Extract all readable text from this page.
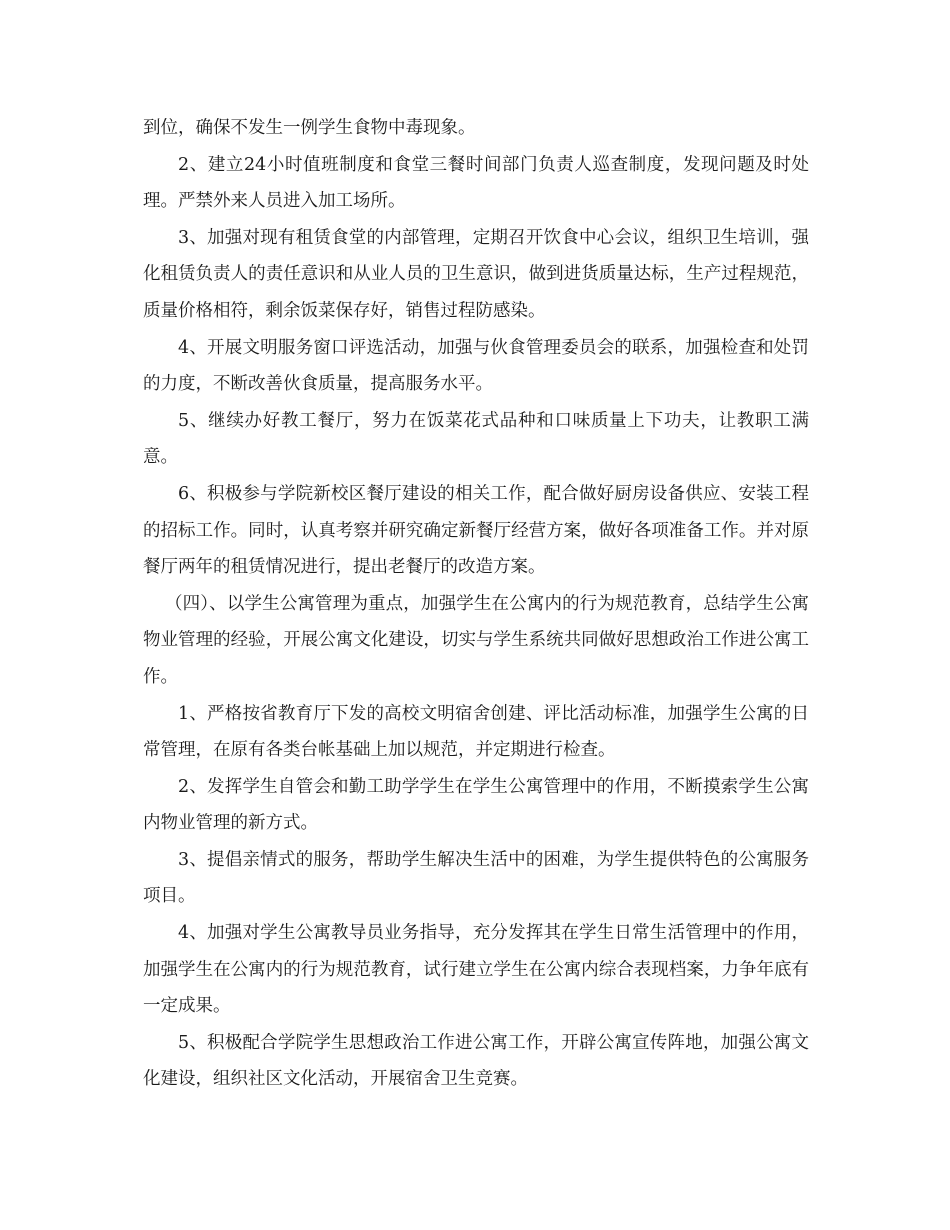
到位，确保不发生一例学生食物中毒现象。

2、建立24小时值班制度和食堂三餐时间部门负责人巡查制度，发现问题及时处理。严禁外来人员进入加工场所。

3、加强对现有租赁食堂的内部管理，定期召开饮食中心会议，组织卫生培训，强化租赁负责人的责任意识和从业人员的卫生意识，做到进货质量达标，生产过程规范，质量价格相符，剩余饭菜保存好，销售过程防感染。

4、开展文明服务窗口评选活动，加强与伙食管理委员会的联系，加强检查和处罚的力度，不断改善伙食质量，提高服务水平。

5、继续办好教工餐厅，努力在饭菜花式品种和口味质量上下功夫，让教职工满意。

6、积极参与学院新校区餐厅建设的相关工作，配合做好厨房设备供应、安装工程的招标工作。同时，认真考察并研究确定新餐厅经营方案，做好各项准备工作。并对原餐厅两年的租赁情况进行，提出老餐厅的改造方案。

（四）、以学生公寓管理为重点，加强学生在公寓内的行为规范教育，总结学生公寓物业管理的经验，开展公寓文化建设，切实与学生系统共同做好思想政治工作进公寓工作。

1、严格按省教育厅下发的高校文明宿舍创建、评比活动标准，加强学生公寓的日常管理，在原有各类台帐基础上加以规范，并定期进行检查。

2、发挥学生自管会和勤工助学学生在学生公寓管理中的作用，不断摸索学生公寓内物业管理的新方式。

3、提倡亲情式的服务，帮助学生解决生活中的困难，为学生提供特色的公寓服务项目。

4、加强对学生公寓教导员业务指导，充分发挥其在学生日常生活管理中的作用，加强学生在公寓内的行为规范教育，试行建立学生在公寓内综合表现档案，力争年底有一定成果。

5、积极配合学院学生思想政治工作进公寓工作，开辟公寓宣传阵地，加强公寓文化建设，组织社区文化活动，开展宿舍卫生竞赛。
